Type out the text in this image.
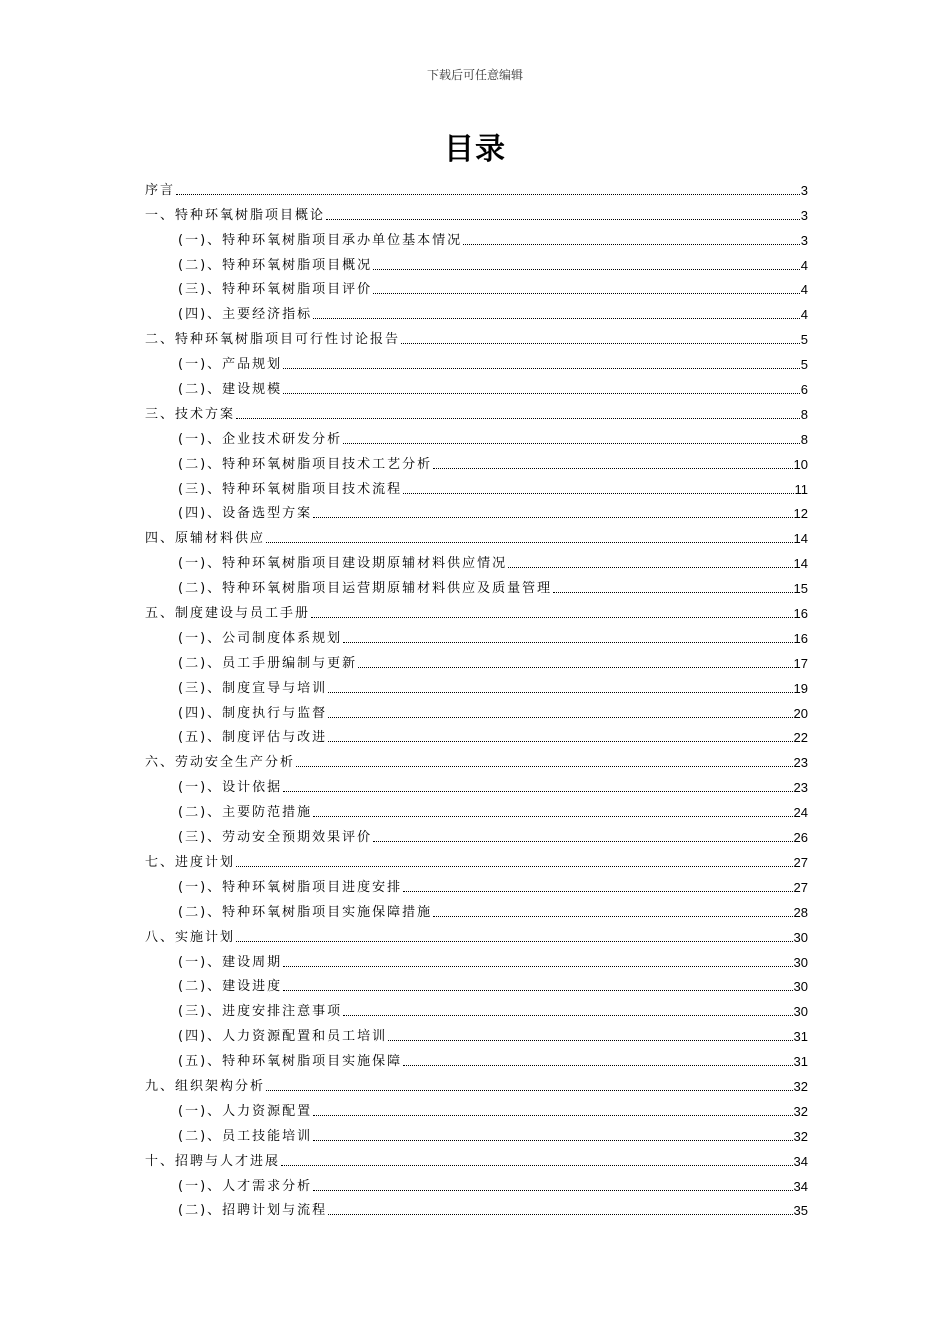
下载后可任意编辑
目录
序言	3
一、特种环氧树脂项目概论	3
(一)、特种环氧树脂项目承办单位基本情况	3
(二)、特种环氧树脂项目概况	4
(三)、特种环氧树脂项目评价	4
(四)、主要经济指标	4
二、特种环氧树脂项目可行性讨论报告	5
(一)、产品规划	5
(二)、建设规模	6
三、技术方案	8
(一)、企业技术研发分析	8
(二)、特种环氧树脂项目技术工艺分析	10
(三)、特种环氧树脂项目技术流程	11
(四)、设备选型方案	12
四、原辅材料供应	14
(一)、特种环氧树脂项目建设期原辅材料供应情况	14
(二)、特种环氧树脂项目运营期原辅材料供应及质量管理	15
五、制度建设与员工手册	16
(一)、公司制度体系规划	16
(二)、员工手册编制与更新	17
(三)、制度宣导与培训	19
(四)、制度执行与监督	20
(五)、制度评估与改进	22
六、劳动安全生产分析	23
(一)、设计依据	23
(二)、主要防范措施	24
(三)、劳动安全预期效果评价	26
七、进度计划	27
(一)、特种环氧树脂项目进度安排	27
(二)、特种环氧树脂项目实施保障措施	28
八、实施计划	30
(一)、建设周期	30
(二)、建设进度	30
(三)、进度安排注意事项	30
(四)、人力资源配置和员工培训	31
(五)、特种环氧树脂项目实施保障	31
九、组织架构分析	32
(一)、人力资源配置	32
(二)、员工技能培训	32
十、招聘与人才进展	34
(一)、人才需求分析	34
(二)、招聘计划与流程	35
